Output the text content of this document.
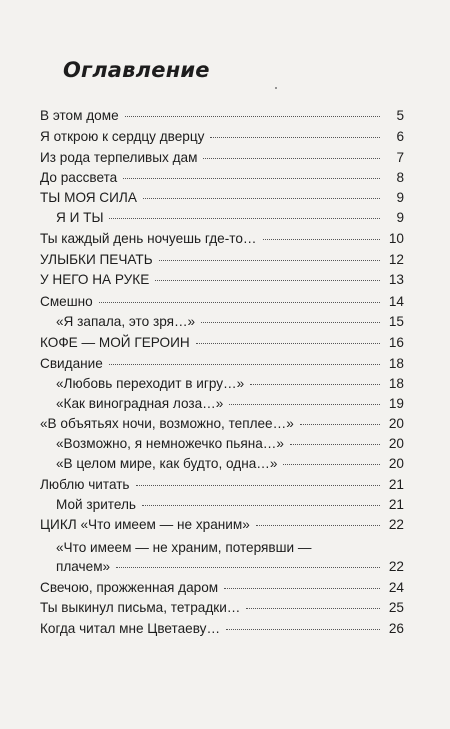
Оглавление
В этом доме	5
Я открою к сердцу дверцу	6
Из рода терпеливых дам	7
До рассвета	8
ТЫ МОЯ СИЛА	9
Я И ТЫ	9
Ты каждый день ночуешь где-то…	10
УЛЫБКИ ПЕЧАТЬ	12
У НЕГО НА РУКЕ	13
Смешно	14
«Я запала, это зря…»	15
КОФЕ — МОЙ ГЕРОИН	16
Свидание	18
«Любовь переходит в игру…»	18
«Как виноградная лоза…»	19
«В объятьях ночи, возможно, теплее…»	20
«Возможно, я немножечко пьяна…»	20
«В целом мире, как будто, одна…»	20
Люблю читать	21
Мой зритель	21
ЦИКЛ «Что имеем — не храним»	22
«Что имеем — не храним, потерявши —
плачем»	22
Свечою, прожженная даром	24
Ты выкинул письма, тетрадки…	25
Когда читал мне Цветаеву…	26
